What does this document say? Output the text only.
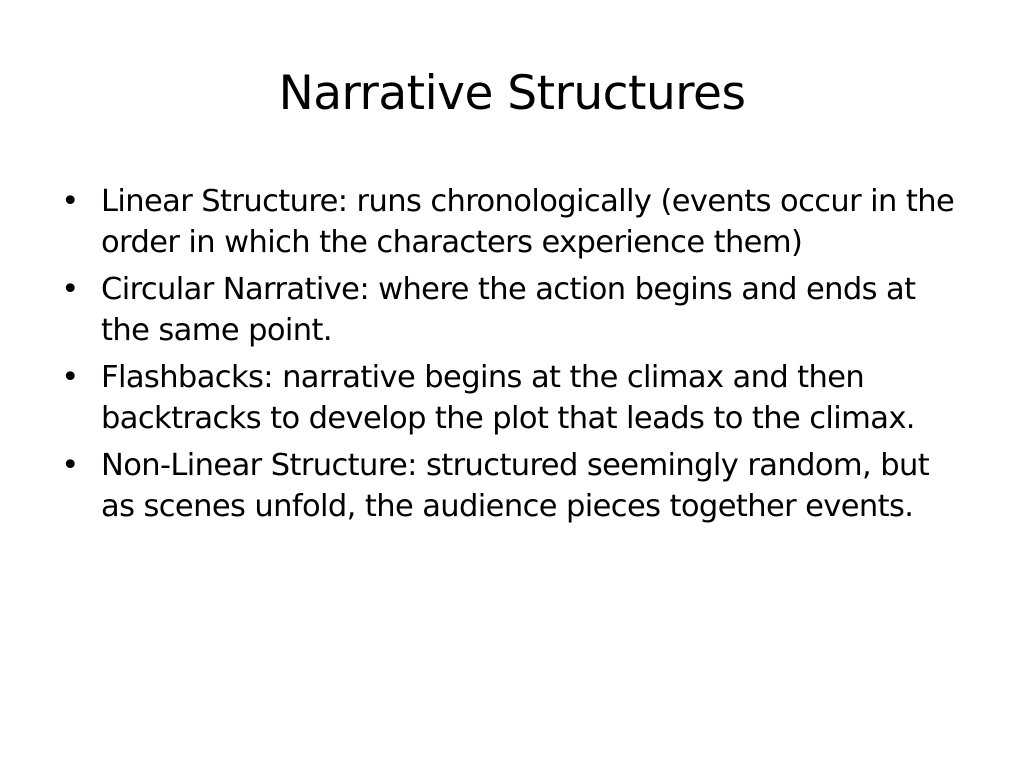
Narrative Structures
• Linear Structure: runs chronologically (events occur in the order in which the characters experience them)
• Circular Narrative: where the action begins and ends at the same point.
• Flashbacks: narrative begins at the climax and then backtracks to develop the plot that leads to the climax.
• Non-Linear Structure: structured seemingly random, but as scenes unfold, the audience pieces together events.
